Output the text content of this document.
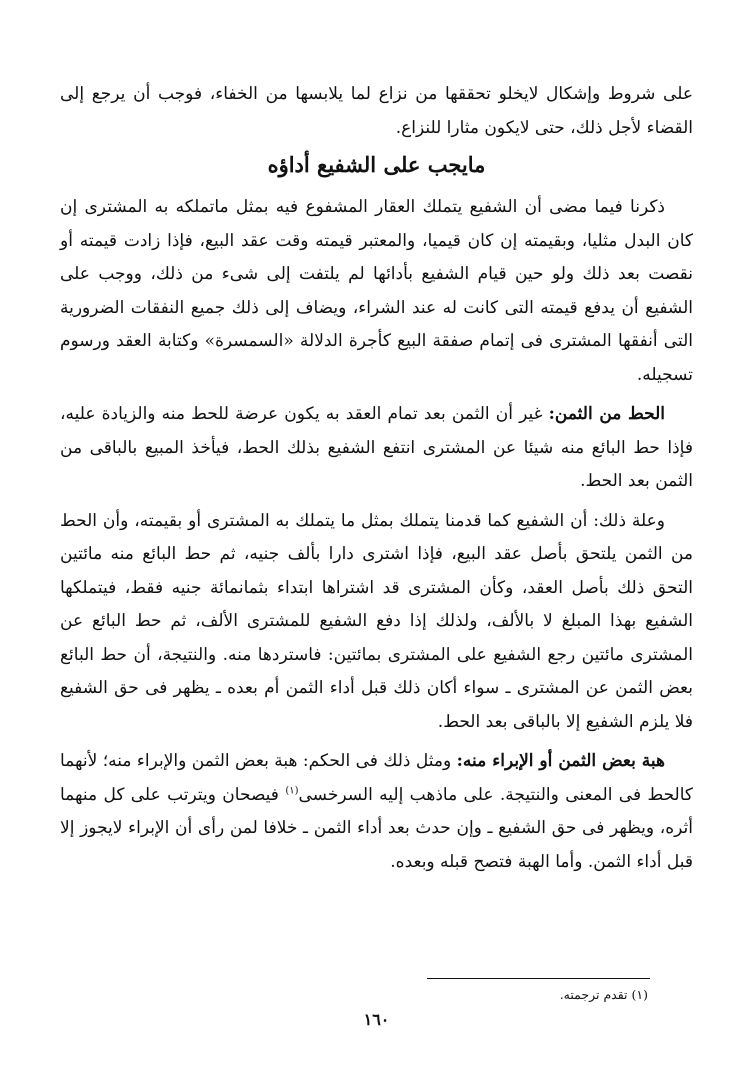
على شروط وإشكال لايخلو تحققها من نزاع لما يلابسها من الخفاء، فوجب أن يرجع إلى القضاء لأجل ذلك، حتى لايكون مثارا للنزاع.

مايجب على الشفيع أداؤه

ذكرنا فيما مضى أن الشفيع يتملك العقار المشفوع فيه بمثل ماتملكه به المشترى إن كان البدل مثليا، وبقيمته إن كان قيميا، والمعتبر قيمته وقت عقد البيع، فإذا زادت قيمته أو نقصت بعد ذلك ولو حين قيام الشفيع بأدائها لم يلتفت إلى شىء من ذلك، ووجب على الشفيع أن يدفع قيمته التى كانت له عند الشراء، ويضاف إلى ذلك جميع النفقات الضرورية التى أنفقها المشترى فى إتمام صفقة البيع كأجرة الدلالة «السمسرة» وكتابة العقد ورسوم تسجيله.

الحط من الثمن: غير أن الثمن بعد تمام العقد به يكون عرضة للحط منه والزيادة عليه، فإذا حط البائع منه شيئا عن المشترى انتفع الشفيع بذلك الحط، فيأخذ المبيع بالباقى من الثمن بعد الحط.

وعلة ذلك: أن الشفيع كما قدمنا يتملك بمثل ما يتملك به المشترى أو بقيمته، وأن الحط من الثمن يلتحق بأصل عقد البيع، فإذا اشترى دارا بألف جنيه، ثم حط البائع منه مائتين التحق ذلك بأصل العقد، وكأن المشترى قد اشتراها ابتداء بثمانمائة جنيه فقط، فيتملكها الشفيع بهذا المبلغ لا بالألف، ولذلك إذا دفع الشفيع للمشترى الألف، ثم حط البائع عن المشترى مائتين رجع الشفيع على المشترى بمائتين: فاستردها منه. والنتيجة، أن حط البائع بعض الثمن عن المشترى ـ سواء أكان ذلك قبل أداء الثمن أم بعده ـ يظهر فى حق الشفيع فلا يلزم الشفيع إلا بالباقى بعد الحط.

هبة بعض الثمن أو الإبراء منه: ومثل ذلك فى الحكم: هبة بعض الثمن والإبراء منه؛ لأنهما كالحط فى المعنى والنتيجة. على ماذهب إليه السرخسى$^{(١)}$ فيصحان ويترتب على كل منهما أثره، ويظهر فى حق الشفيع ـ وإن حدث بعد أداء الثمن ـ خلافا لمن رأى أن الإبراء لايجوز إلا قبل أداء الثمن. وأما الهبة فتصح قبله وبعده.

(١) تقدم ترجمته.
١٦٠
